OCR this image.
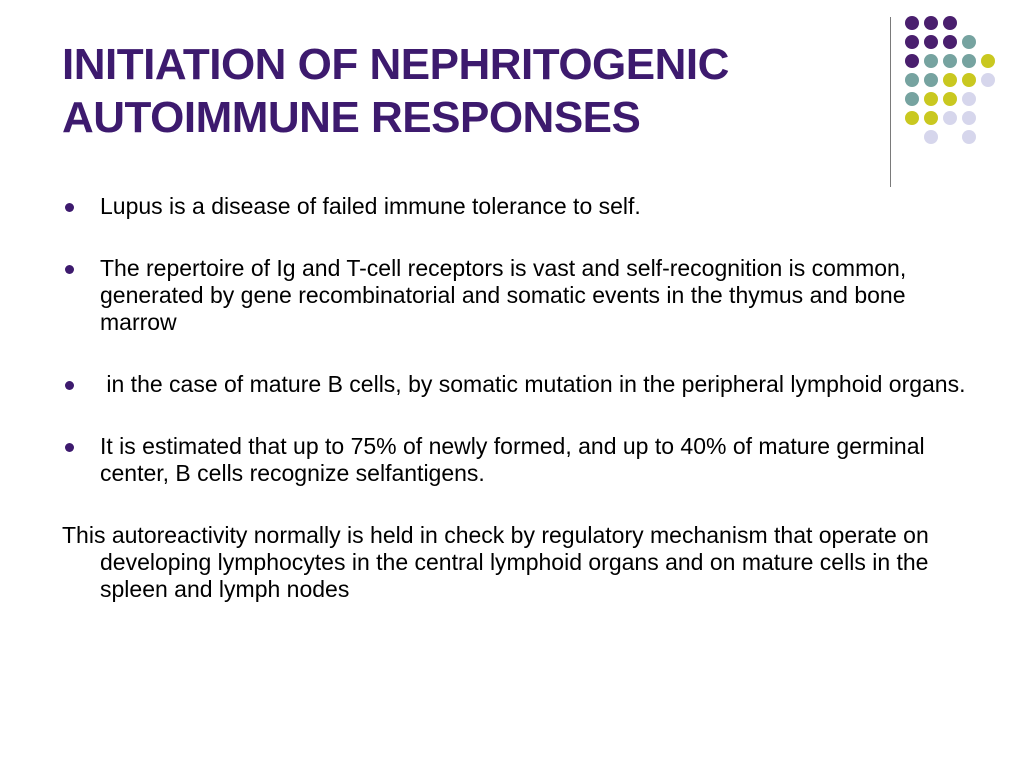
INITIATION OF NEPHRITOGENIC
AUTOIMMUNE RESPONSES
Lupus is a disease of failed immune tolerance to self.
The repertoire of Ig and T-cell receptors is vast and self-recognition is common, generated by gene recombinatorial and somatic events in the thymus and bone marrow
in the case of mature B cells, by somatic mutation in the peripheral lymphoid organs.
It is estimated that up to 75% of newly formed, and up to 40% of mature germinal center, B cells recognize selfantigens.

This autoreactivity normally is held in check by regulatory mechanism that operate on developing lymphocytes in the central lymphoid organs and on mature cells in the spleen and lymph nodes
